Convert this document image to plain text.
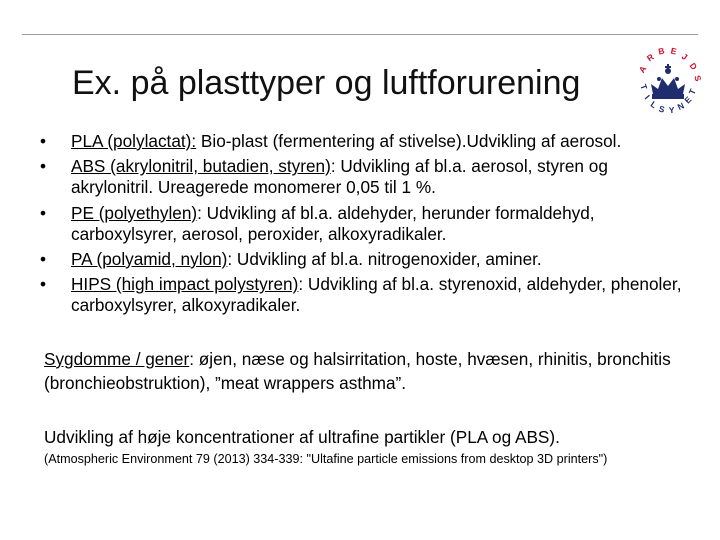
Ex. på plasttyper og luftforurening	A
R
B E J
D
S
T
I
L S Y N
E
T
• PLA (polylactat): Bio-plast (fermentering af stivelse).Udvikling af aerosol.
• ABS (akrylonitril, butadien, styren): Udvikling af bl.a. aerosol, styren og akrylonitril. Ureagerede monomerer 0,05 til 1 %.
• PE (polyethylen): Udvikling af bl.a. aldehyder, herunder formaldehyd, carboxylsyrer, aerosol, peroxider, alkoxyradikaler.
• PA (polyamid, nylon): Udvikling af bl.a. nitrogenoxider, aminer.
• HIPS (high impact polystyren): Udvikling af bl.a. styrenoxid, aldehyder, phenoler, carboxylsyrer, alkoxyradikaler.
Sygdomme / gener: øjen, næse og halsirritation, hoste, hvæsen, rhinitis, bronchitis (bronchieobstruktion), ”meat wrappers asthma”.
Udvikling af høje koncentrationer af ultrafine partikler (PLA og ABS).
(Atmospheric Environment 79 (2013) 334-339: "Ultafine particle emissions from desktop 3D printers")
